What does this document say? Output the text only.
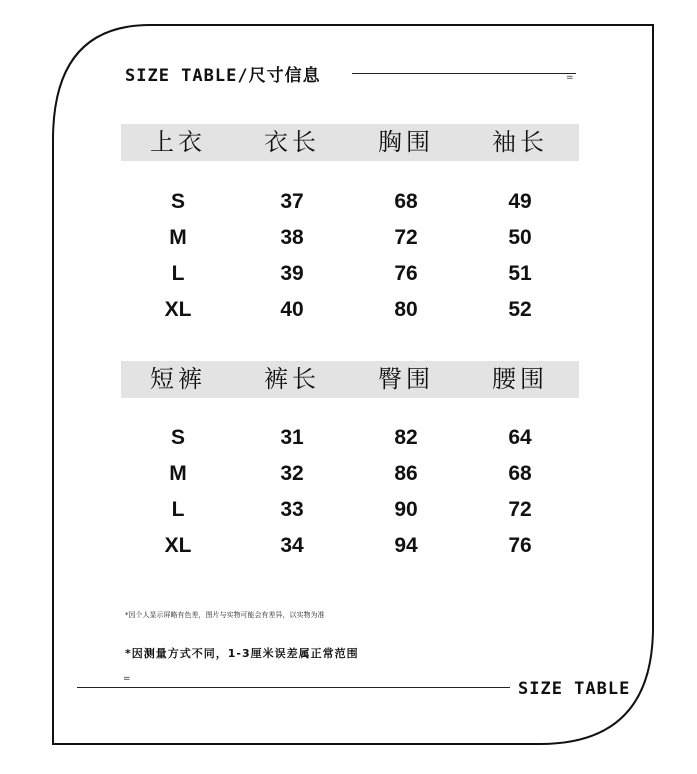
SIZE TABLE/尺寸信息	=
上衣	衣长	胸围	袖长
S	37	68	49
M	38	72	50
L	39	76	51
XL	40	80	52
短裤	裤长	臀围	腰围
S	31	82	64
M	32	86	68
L	33	90	72
XL	34	94	76
*因个人显示屏略有色差，图片与实物可能会有差异，以实物为准
*因测量方式不同，1-3厘米误差属正常范围
=	SIZE TABLE
